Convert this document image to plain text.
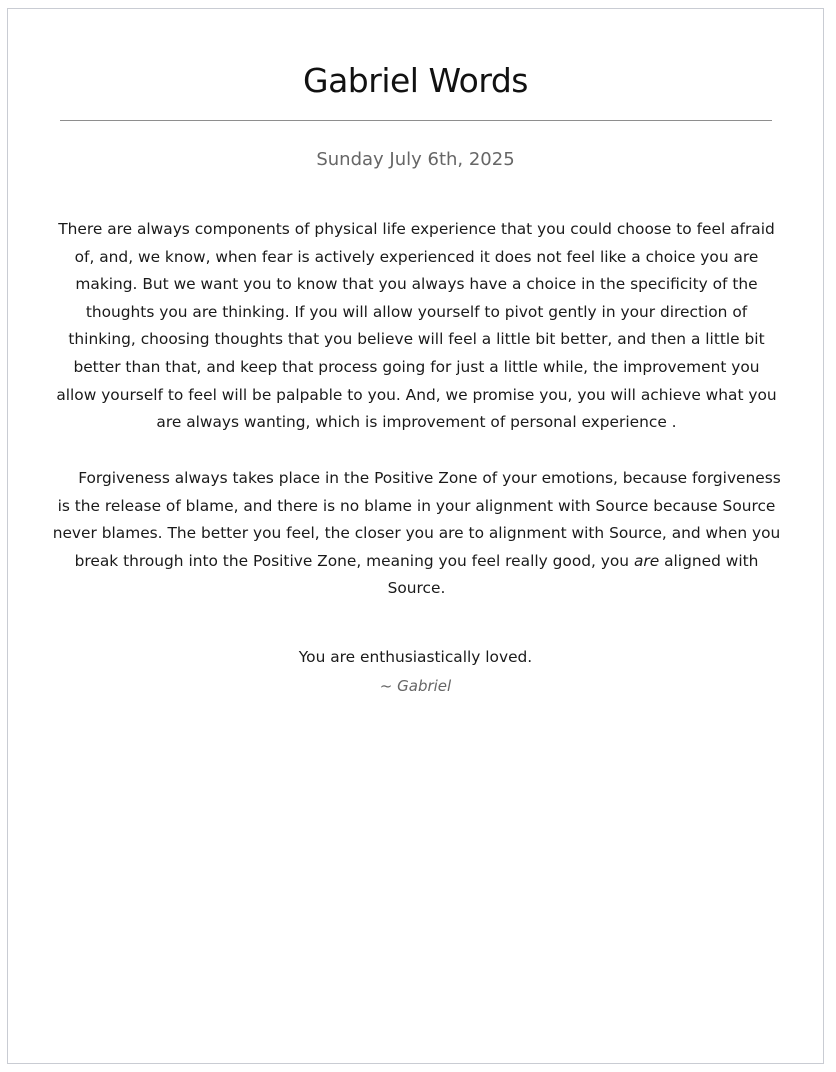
Gabriel Words
Sunday July 6th, 2025

There are always components of physical life experience that you could choose to feel afraid of, and, we know, when fear is actively experienced it does not feel like a choice you are making. But we want you to know that you always have a choice in the specificity of the thoughts you are thinking. If you will allow yourself to pivot gently in your direction of thinking, choosing thoughts that you believe will feel a little bit better, and then a little bit better than that, and keep that process going for just a little while, the improvement you allow yourself to feel will be palpable to you. And, we promise you, you will achieve what you are always wanting, which is improvement of personal experience .

Forgiveness always takes place in the Positive Zone of your emotions, because forgiveness is the release of blame, and there is no blame in your alignment with Source because Source never blames. The better you feel, the closer you are to alignment with Source, and when you break through into the Positive Zone, meaning you feel really good, you are aligned with Source.

You are enthusiastically loved.
~ Gabriel
